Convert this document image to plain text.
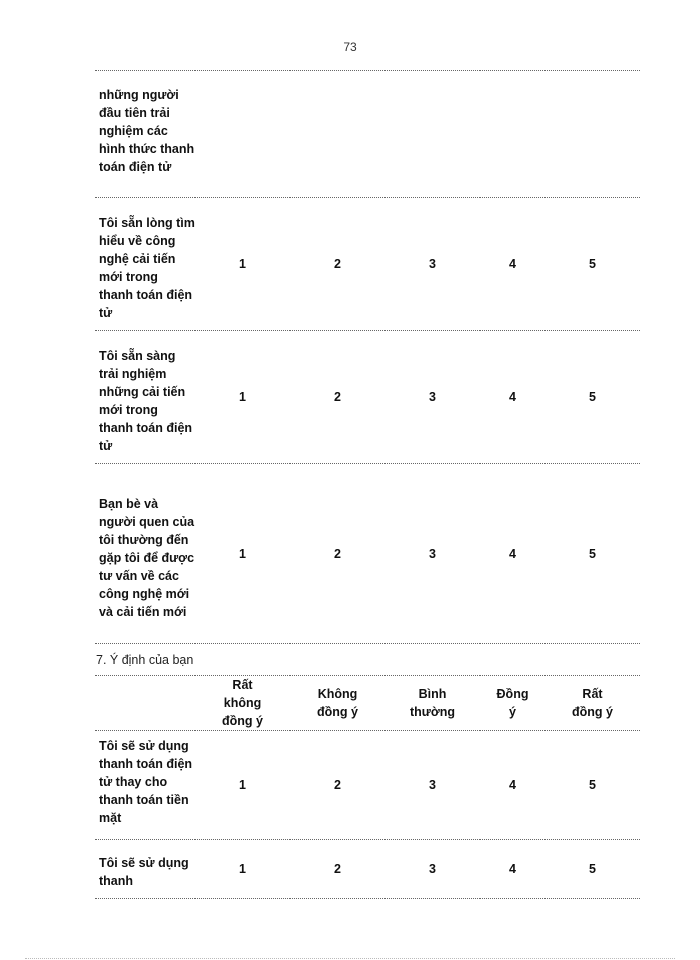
73
những người đầu tiên trải nghiệm các hình thức thanh toán điện tử					
Tôi sẵn lòng tìm hiểu về công nghệ cải tiến mới trong thanh toán điện tử	1	2	3	4	5
Tôi sẵn sàng trải nghiệm những cải tiến mới trong thanh toán điện tử	1	2	3	4	5
Bạn bè và người quen của tôi thường đến gặp tôi để được tư vấn về các công nghệ mới và cải tiến mới	1	2	3	4	5
7. Ý định của bạn
	Rất không đồng ý	Không đồng ý	Bình thường	Đồng ý	Rất đồng ý
Tôi sẽ sử dụng thanh toán điện tử thay cho thanh toán tiền mặt	1	2	3	4	5
Tôi sẽ sử dụng thanh	1	2	3	4	5
